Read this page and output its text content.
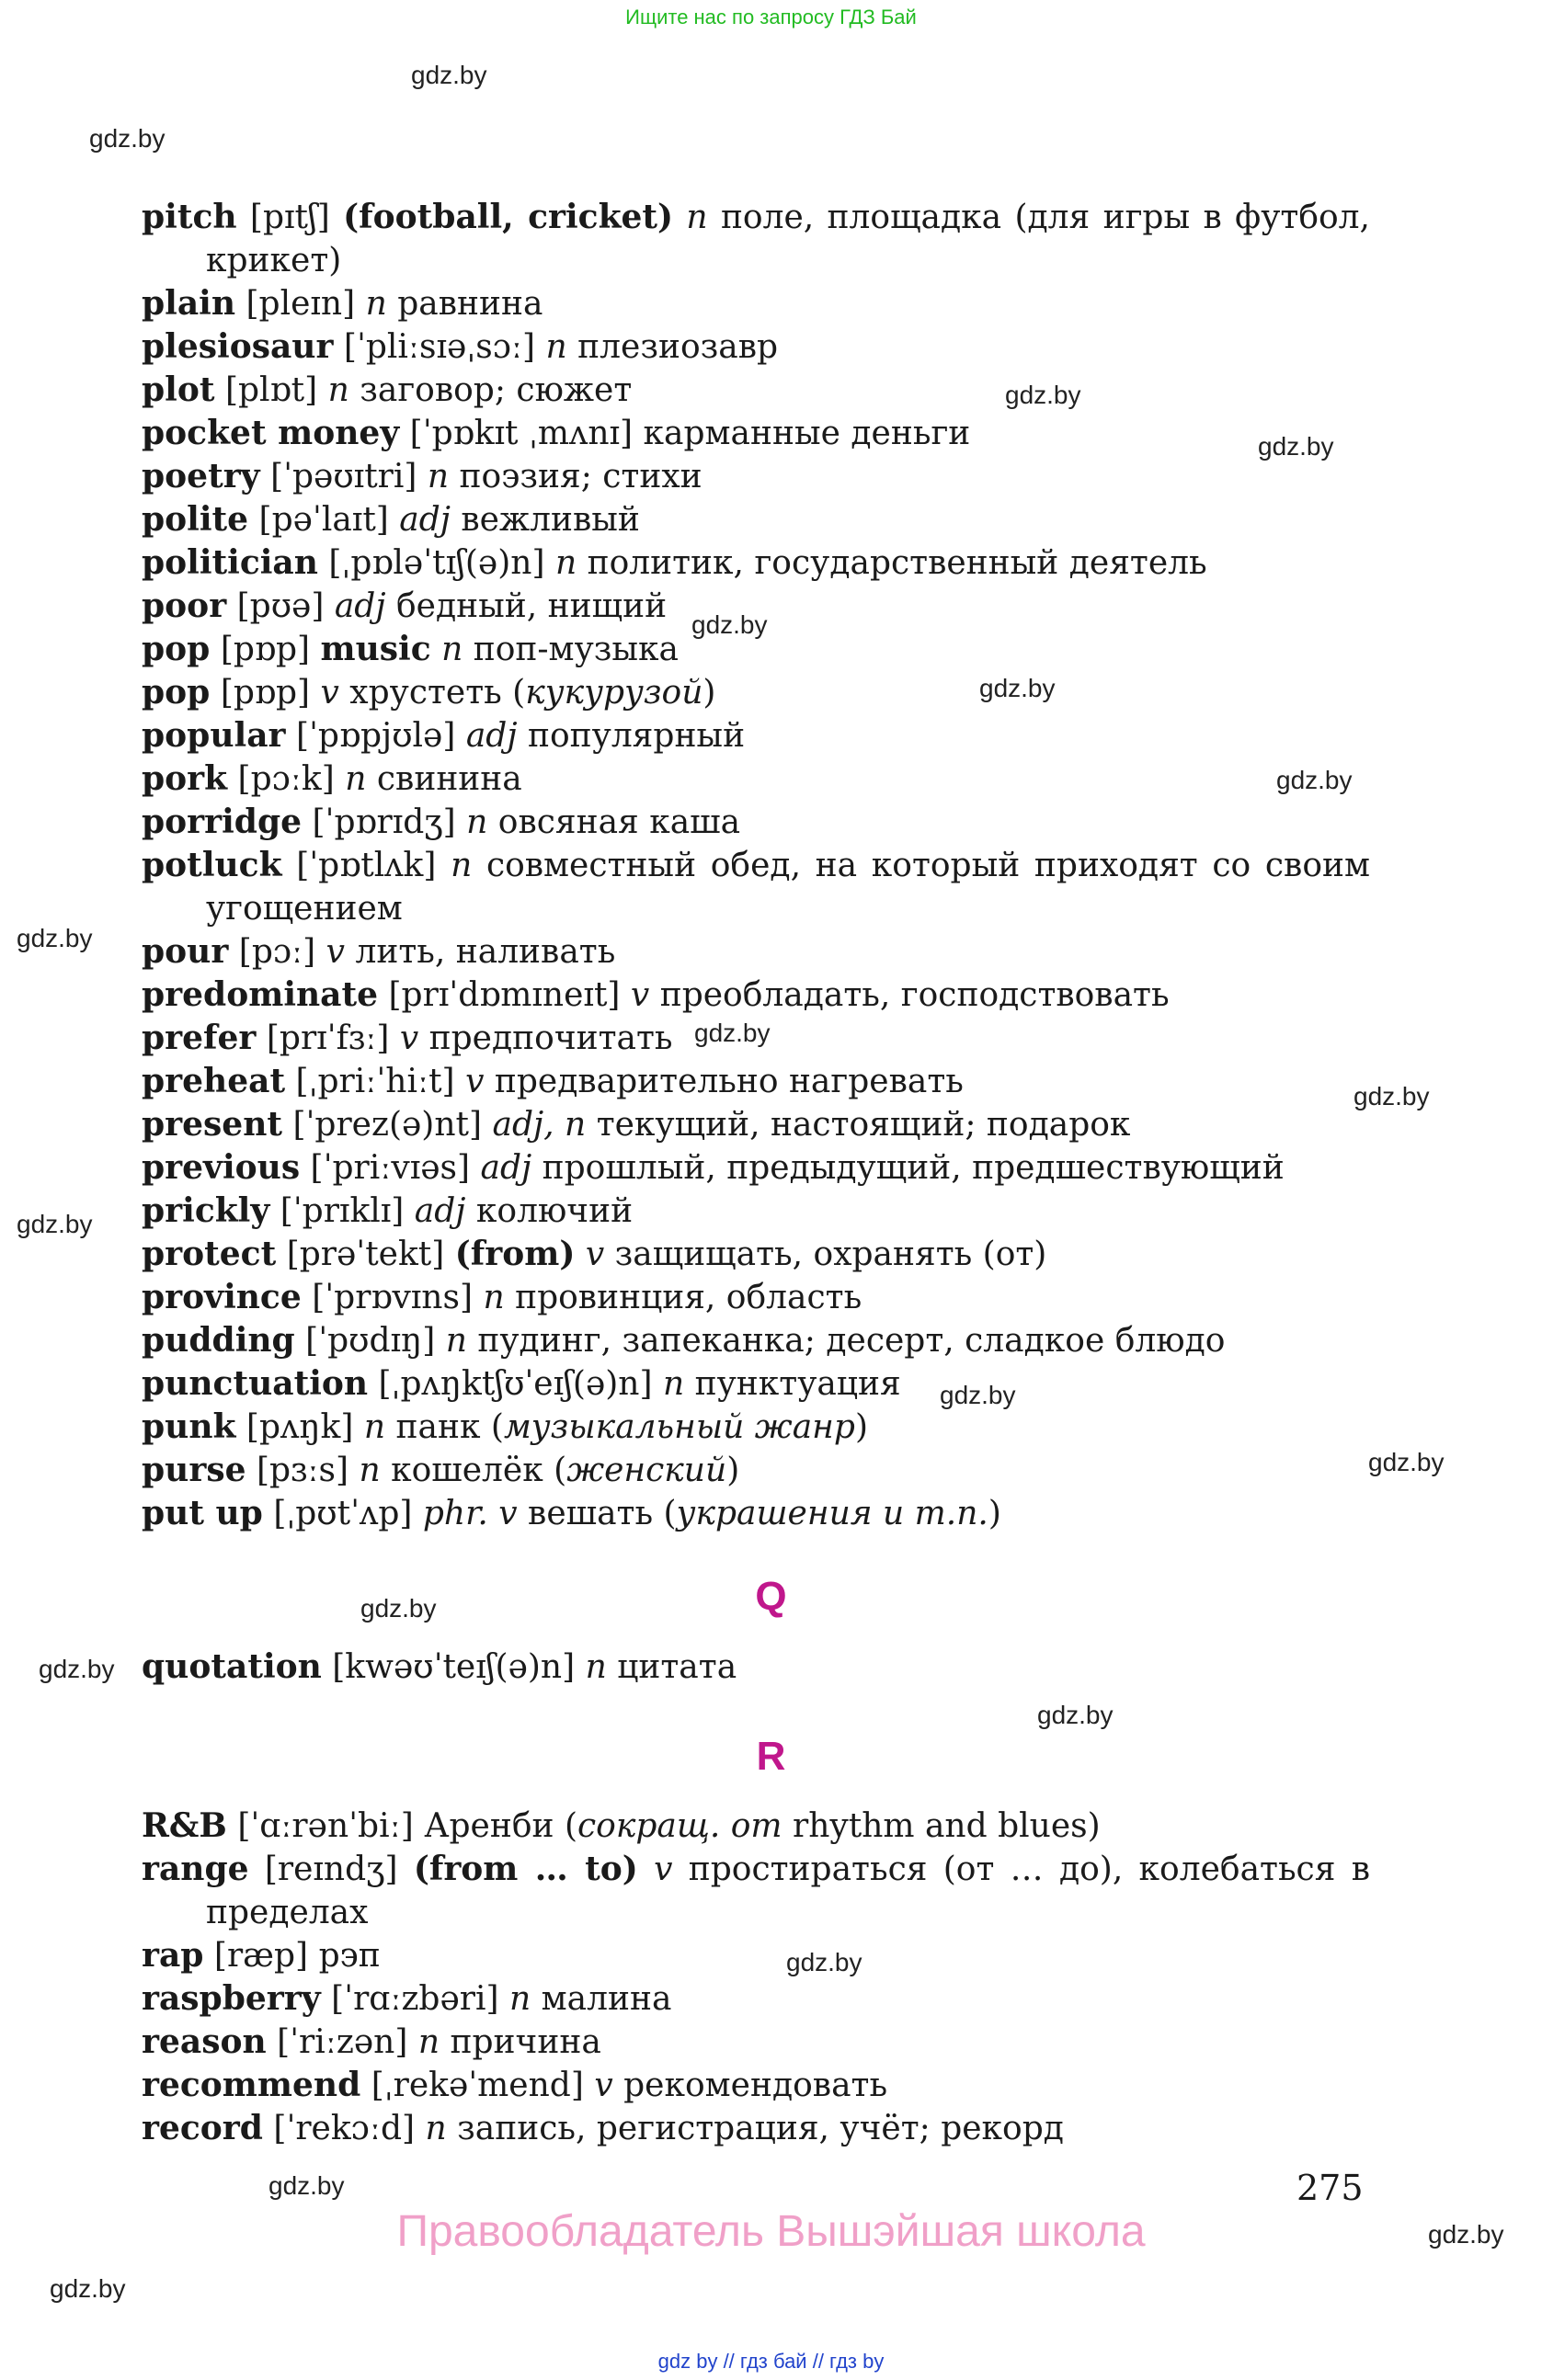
Ищите нас по запросу ГДЗ Бай
gdz.by
gdz.by
gdz.by
gdz.by
gdz.by
gdz.by
gdz.by
gdz.by
gdz.by
gdz.by
gdz.by
gdz.by
gdz.by
gdz.by
gdz.by
gdz.by
gdz.by
gdz.by
gdz.by
gdz.by
pitch [pɪtʃ] (football, cricket) n поле, площадка (для игры в футбол, крикет)
plain [pleɪn] n равнина
plesiosaur [ˈpliːsɪəˌsɔː] n плезиозавр
plot [plɒt] n заговор; сюжет
pocket money [ˈpɒkɪt ˌmʌnɪ] карманные деньги
poetry [ˈpəʊɪtri] n поэзия; стихи
polite [pəˈlaɪt] adj вежливый
politician [ˌpɒləˈtɪʃ(ə)n] n политик, государственный деятель
poor [pʊə] adj бедный, нищий
pop [pɒp] music n поп-музыка
pop [pɒp] v хрустеть (кукурузой)
popular [ˈpɒpjʊlə] adj популярный
pork [pɔːk] n свинина
porridge [ˈpɒrɪdʒ] n овсяная каша
potluck [ˈpɒtlʌk] n совместный обед, на который приходят со своим угощением
pour [pɔː] v лить, наливать
predominate [prɪˈdɒmɪneɪt] v преобладать, господствовать
prefer [prɪˈfɜː] v предпочитать
preheat [ˌpriːˈhiːt] v предварительно нагревать
present [ˈprez(ə)nt] adj, n текущий, настоящий; подарок
previous [ˈpriːvɪəs] adj прошлый, предыдущий, предшествующий
prickly [ˈprɪklɪ] adj колючий
protect [prəˈtekt] (from) v защищать, охранять (от)
province [ˈprɒvɪns] n провинция, область
pudding [ˈpʊdɪŋ] n пудинг, запеканка; десерт, сладкое блюдо
punctuation [ˌpʌŋktʃʊˈeɪʃ(ə)n] n пунктуация
punk [pʌŋk] n панк (музыкальный жанр)
purse [pɜːs] n кошелёк (женский)
put up [ˌpʊtˈʌp] phr. v вешать (украшения и т.п.)
Q
quotation [kwəʊˈteɪʃ(ə)n] n цитата
R
R&B [ˈɑːrənˈbiː] Аренби (сокращ. от rhythm and blues)
range [reɪndʒ] (from … to) v простираться (от … до), колебаться в пределах
rap [ræp] рэп
raspberry [ˈrɑːzbəri] n малина
reason [ˈriːzən] n причина
recommend [ˌrekəˈmend] v рекомендовать
record [ˈrekɔːd] n запись, регистрация, учёт; рекорд
275
Правообладатель Вышэйшая школа
gdz by // гдз бай // гдз by
